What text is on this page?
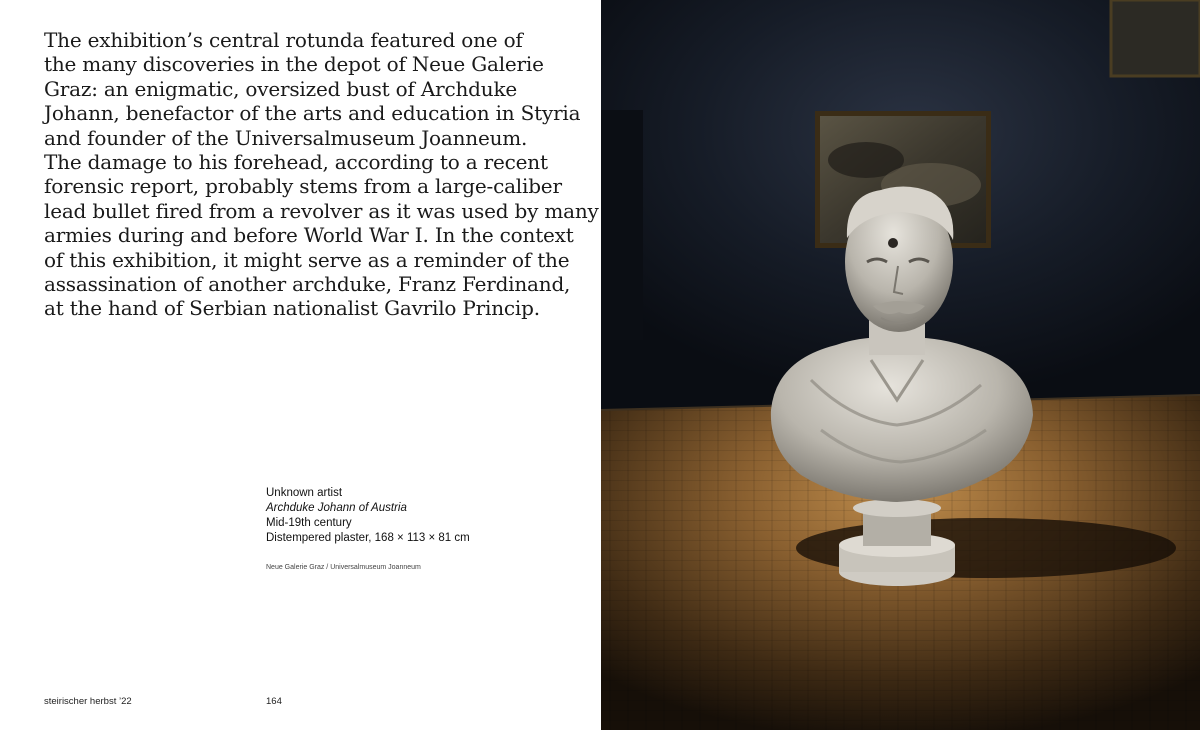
The exhibition’s central rotunda featured one of
the many discoveries in the depot of Neue Galerie
Graz: an enigmatic, oversized bust of Archduke
Johann, benefactor of the arts and education in Styria
and founder of the Universalmuseum Joanneum.
The damage to his forehead, according to a recent
forensic report, probably stems from a large-caliber
lead bullet fired from a revolver as it was used by many
armies during and before World War I. In the context
of this exhibition, it might serve as a reminder of the
assassination of another archduke, Franz Ferdinand,
at the hand of Serbian nationalist Gavrilo Princip.

Unknown artist
Archduke Johann of Austria
Mid-19th century
Distempered plaster, 168 × 113 × 81 cm
Neue Galerie Graz / Universalmuseum Joanneum
steirischer herbst ’22	164
